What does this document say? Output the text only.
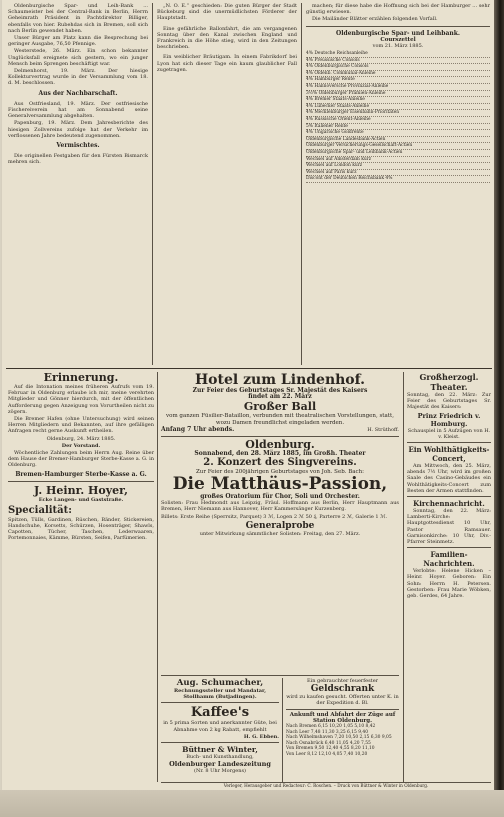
Oldenburgische Spar- und Leih-Bank ... Schaumeister bei der Central-Bank in Berlin, Herrn Geheimrath Präsident in Pachtdirektor Billiger, ebenfalls von hier. Rubehdas sich in Bremen, soll sich nach Berlin gewendet haben.

Unser Bürger am Platz kann die Besprechung bei geringer Ausgabe, 76,50 Pfennige.

Westerstede, 26. März. Ein schon bekannter Unglücksfall ereignete sich gestern, wo ein junger Mensch beim Sprengen beschäftigt war.

Delmenhorst, 19. März. Der hiesige Kollekturvertrag wurde in der Versammlung vom 18. d. M. beschlossen.

Aus der Nachbarschaft.

Aus Ostfriesland, 19. März. Der ostfriesische Fischereiverein hat am Sonnabend seine Generalversammlung abgehalten.

Papenburg, 19. März. Dem Jahresberichte des hiesigen Zollvereins zufolge hat der Verkehr im verflossenen Jahre bedeutend zugenommen.

Vermischtes.

Die originellen Festgaben für den Fürsten Bismarck mehren sich.

„N. O. E.“ geschieden: Die guten Bürger der Stadt Bückeburg sind die unermüdlichsten Förderer der Hauptstadt.

Eine gefährliche Ballonfahrt, die am vergangenen Sonntag über den Kanal zwischen England und Frankreich in die Höhe stieg, wird in den Zeitungen beschrieben.

Ein weiblicher Bräutigam. In einem Fabrikdorf bei Lyon hat sich dieser Tage ein kaum glaublicher Fall zugetragen.

machen; für diese habe die Hoffnung sich bei der Hamburger ... sehr günstig erwiesen.

Die Mailänder Blätter erzählen folgenden Vorfall.

Oldenburgische Spar- und Leihbank.
Courszettel
vom 21. März 1885.
4% Deutsche Reichsanleihe
4% Preussische Consols
4% Oldenburgische Consols
4% Oldenb. Communal-Anleihe
4% Hamburger Rente
4% Hannoversche Provinzial-Anleihe
3½% Oldenburger Prämien-Anleihe
4% Bremer Staats-Anleihe
4% Lübecker Staats-Anleihe
4% Mecklenburger Eisenbahn-Prioritäten
4% Russische Orient-Anleihe
5% Italiener Rente
4% Ungarische Goldrente
Oldenburgische Landesbank-Actien
Oldenburger Versicherungs-Gesellschaft-Actien
Oldenburgische Spar- und Leihbank-Actien
Wechsel auf Amsterdam kurz
Wechsel auf London kurz
Wechsel auf Paris kurz
Discont der Deutschen Reichsbank 4%
Erinnerung.

Auf die Intonation meines früheren Aufrufs vom 19. Februar in Oldenburg erlaube ich mir, meine verehrten Mitglieder und Gönner hierdurch, mit der öffentlichen Aufforderung gegen Anzeigung von Vorurtheilen nicht zu zögern.

Die Bremer Hafen (ohne Untersuchung) wird seinen Herren Mitgliedern und Bekannten, auf ihre gefälligen Anfragen recht gerne Auskunft ertheilen.

Oldenburg, 24. März 1885.

Der Vorstand.

Wöchentliche Zahlungen beim Herrn Aug. Reine über dem Hause der Bremer-Hamburger Sterbe-Kasse a. G. in Oldenburg.

Bremen-Hamburger Sterbe-Kasse a. G.
J. Heinr. Hoyer,
Ecke Langen- und Gaststraße.
Specialität:

Spitzen, Tülls, Gardinen, Rüschen, Bänder, Stickereien, Handschuhe, Korsetts, Schürzen, Hosenträger, Shawls, Capotten, Tücher, Taschen, Lederwaaren, Portemonnaies, Kämme, Bürsten, Seifen, Parfümerien.

Hotel zum Lindenhof.
Zur Feier des Geburtstages Sr. Majestät des Kaisers
findet am 22. März
Großer Ball

vom ganzen Füsilier-Bataillon, verbunden mit theatralischen Vorstellungen, statt, wozu Damen freundlichst eingeladen werden.

Anfang 7 Uhr abends.	H. Strüthoff.
Oldenburg.
Sonnabend, den 28. März 1885, im Großh. Theater
2. Konzert des Singvereins.
Zur Feier des 200jährigen Geburtstages von Joh. Seb. Bach:
Die Matthäus-Passion,
großes Oratorium für Chor, Soli und Orchester.

Solisten: Frau Hedmondt aus Leipzig, Fräul. Hoffmann aus Berlin, Herr Hauptmann aus Bremen, Herr Niemann aus Hannover, Herr Kammersänger Kurzenberg.

Billets: Erste Reihe (Sperrsitz, Parquet) 3 ℳ, Logen 2 ℳ 50 ₰, Parterre 2 ℳ, Galerie 1 ℳ.

Generalprobe
unter Mitwirkung sämmtlicher Solisten: Freitag, den 27. März.
Aug. Schumacher,
Rechnungssteller und Mandatar, Stollhamm (Butjadingen).
Kaffee's

in 5 prima Sorten und anerkannter Güte, bei Abnahme von 2 kg Rabatt, empfiehlt

H. G. Ebben.
Büttner & Winter,
Buch- und Kunsthandlung,
Oldenburger Landeszeitung
(Nr. 8 Uhr Morgens)
Ein gebrauchter feuerfester
Geldschrank

wird zu kaufen gesucht. Offerten unter K. in der Expedition d. Bl.

Ankunft und Abfahrt der Züge auf Station Oldenburg.
Nach Bremen 6,15 10,20 1,05 5,10 8,42
Nach Leer 7,48 11,30 3,25 6,15 9,40
Nach Wilhelmshaven 7,20 10,50 2,15 6,30 9,05
Nach Osnabrück 6,40 11,05 4,20 7,55
Von Bremen 9,50 12,40 4,55 8,20 11,10
Von Leer 8,12 12,10 4,05 7,40 10,20
Großherzogl. Theater.

Sonntag, den 22. März: Zur Feier des Geburtstages Sr. Majestät des Kaisers:

Prinz Friedrich v. Homburg.

Schauspiel in 5 Aufzügen von H. v. Kleist.

Ein Wohlthätigkeits-Concert,

Am Mittwoch, den 25. März, abends 7½ Uhr, wird im großen Saale des Casino-Gebäudes ein Wohlthätigkeits-Concert zum Besten der Armen stattfinden.

Kirchennachricht.

Sonntag, den 22. März: Lamberti-Kirche: Hauptgottesdienst 10 Uhr, Pastor Ramsauer. Garnisonkirche: 10 Uhr, Div.-Pfarrer Steinmetz.

Familien-Nachrichten.

Verlobte: Helene Hicken – Heinr. Hoyer. Geboren: Ein Sohn: Herrn H. Petersen. Gestorben: Frau Marie Wöbken, geb. Gerdes, 64 Jahre.

Verleger, Herausgeber und Redacteur: C. Roschen. – Druck von Büttner & Winter in Oldenburg.
